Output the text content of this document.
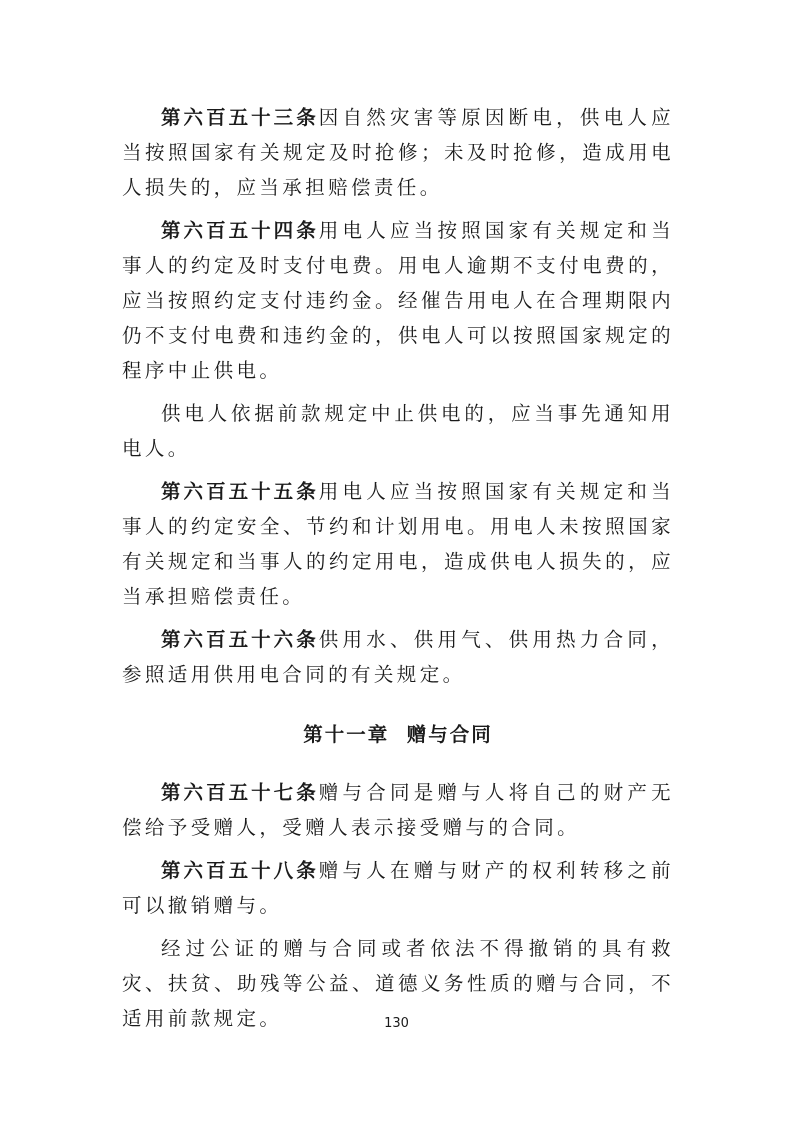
第六百五十三条因自然灾害等原因断电，供电人应当按照国家有关规定及时抢修；未及时抢修，造成用电人损失的，应当承担赔偿责任。

第六百五十四条用电人应当按照国家有关规定和当事人的约定及时支付电费。用电人逾期不支付电费的，应当按照约定支付违约金。经催告用电人在合理期限内仍不支付电费和违约金的，供电人可以按照国家规定的程序中止供电。

供电人依据前款规定中止供电的，应当事先通知用电人。

第六百五十五条用电人应当按照国家有关规定和当事人的约定安全、节约和计划用电。用电人未按照国家有关规定和当事人的约定用电，造成供电人损失的，应当承担赔偿责任。

第六百五十六条供用水、供用气、供用热力合同，参照适用供用电合同的有关规定。

第十一章  赠与合同

第六百五十七条赠与合同是赠与人将自己的财产无偿给予受赠人，受赠人表示接受赠与的合同。

第六百五十八条赠与人在赠与财产的权利转移之前可以撤销赠与。

经过公证的赠与合同或者依法不得撤销的具有救灾、扶贫、助残等公益、道德义务性质的赠与合同，不适用前款规定。	130
